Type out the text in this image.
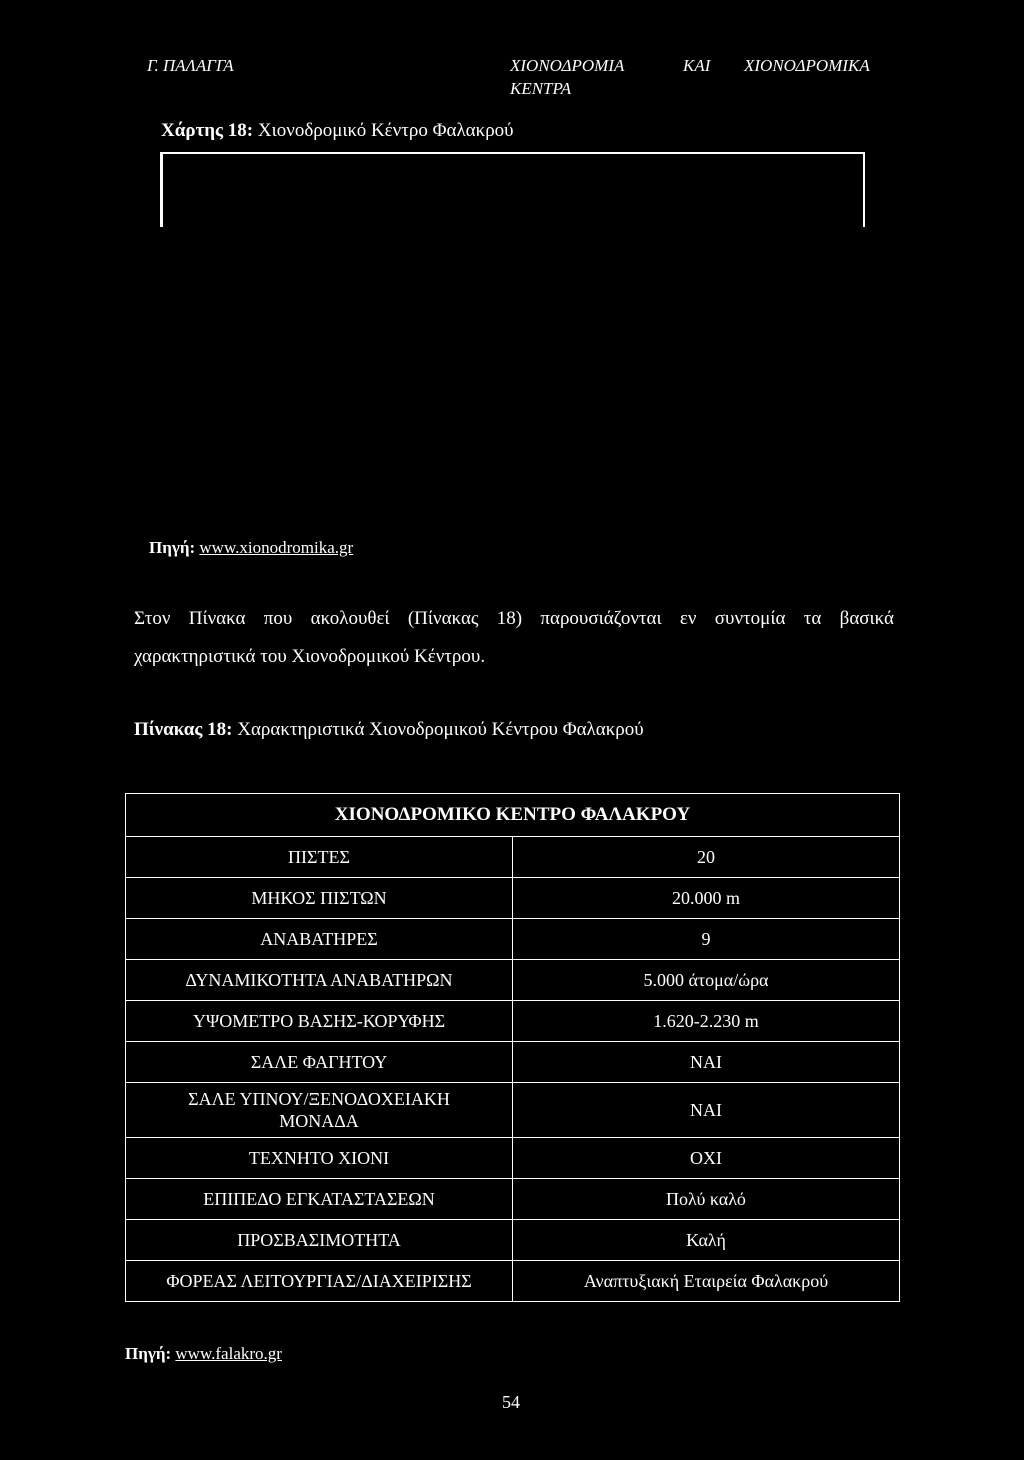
Γ. ΠΑΛΑΓΓΑ	ΧΙΟΝΟΔΡΟΜΙΑ	ΚΑΙ ΧΙΟΝΟΔΡΟΜΙΚΑ
ΚΕΝΤΡΑ
Χάρτης 18: Χιονοδρομικό Κέντρο Φαλακρού
Πηγή: www.xionodromika.gr
Στον Πίνακα που ακολουθεί (Πίνακας 18) παρουσιάζονται εν συντομία τα βασικά
χαρακτηριστικά του Χιονοδρομικού Κέντρου.
Πίνακας 18: Χαρακτηριστικά Χιονοδρομικού Κέντρου Φαλακρού
ΧΙΟΝΟΔΡΟΜΙΚΟ ΚΕΝΤΡΟ ΦΑΛΑΚΡΟΥ	
ΠΙΣΤΕΣ	20
ΜΗΚΟΣ ΠΙΣΤΩΝ	20.000 m
ΑΝΑΒΑΤΗΡΕΣ	9
ΔΥΝΑΜΙΚΟΤΗΤΑ ΑΝΑΒΑΤΗΡΩΝ	5.000 άτομα/ώρα
ΥΨΟΜΕΤΡΟ ΒΑΣΗΣ-ΚΟΡΥΦΗΣ	1.620-2.230 m
ΣΑΛΕ ΦΑΓΗΤΟΥ	ΝΑΙ

ΣΑΛΕ ΥΠΝΟΥ/ΞΕΝΟΔΟΧΕΙΑΚΗ
ΜΟΝΑΔΑ	ΝΑΙ
ΤΕΧΝΗΤΟ ΧΙΟΝΙ	ΟΧΙ
ΕΠΙΠΕΔΟ ΕΓΚΑΤΑΣΤΑΣΕΩΝ	Πολύ καλό
ΠΡΟΣΒΑΣΙΜΟΤΗΤΑ	Καλή
ΦΟΡΕΑΣ ΛΕΙΤΟΥΡΓΙΑΣ/ΔΙΑΧΕΙΡΙΣΗΣ	Αναπτυξιακή Εταιρεία Φαλακρού
Πηγή: www.falakro.gr
54
